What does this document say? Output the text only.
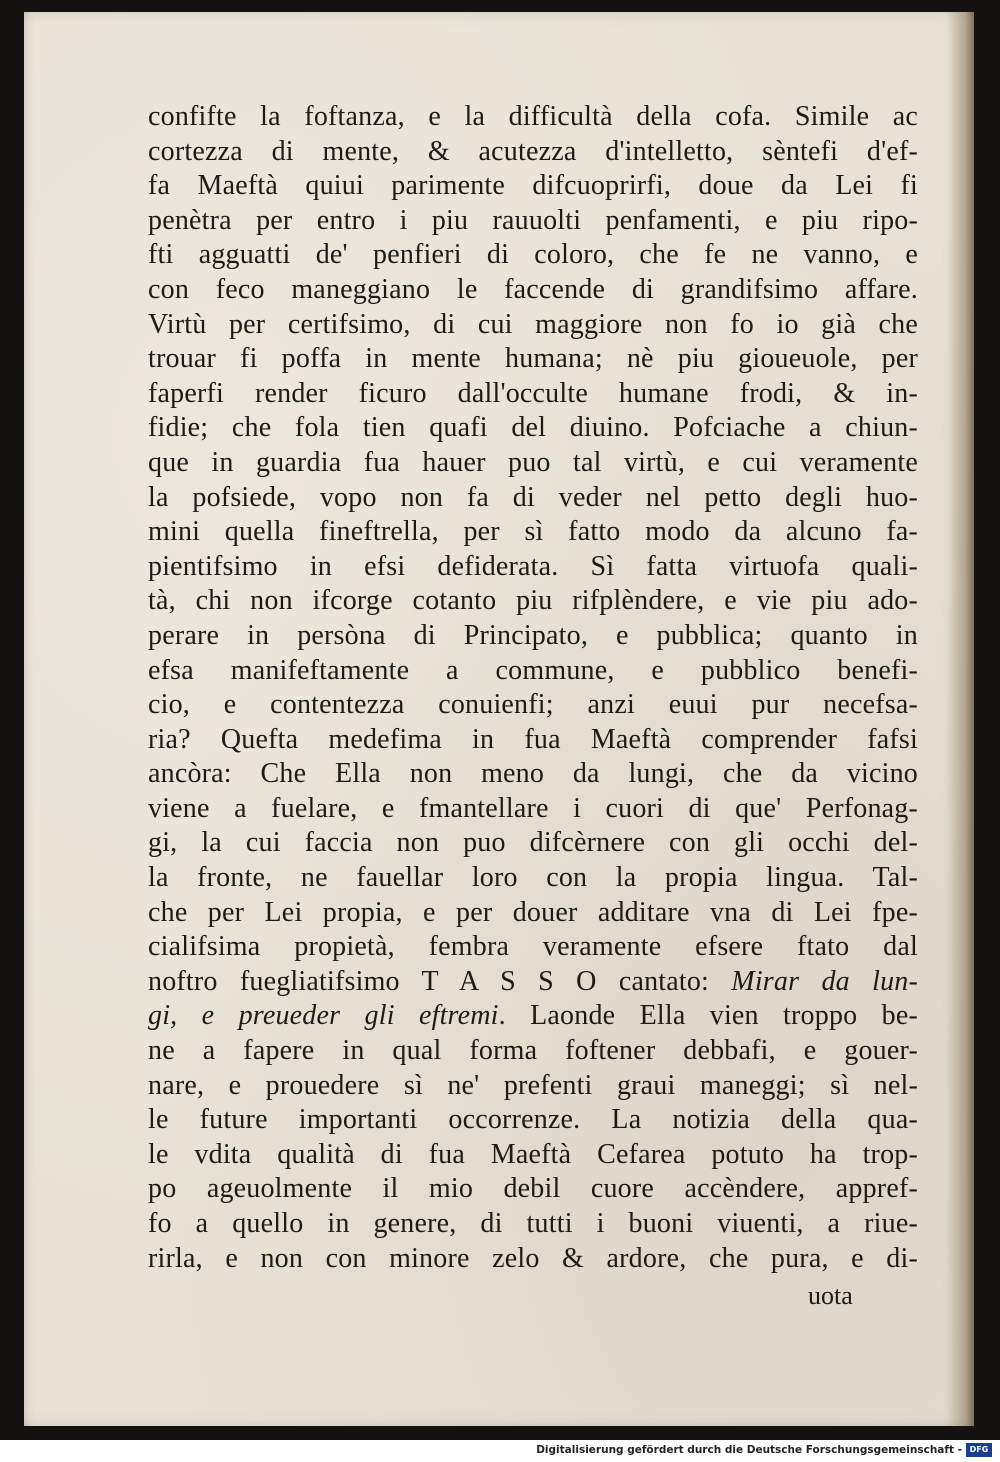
confifte la foftanza, e la difficultà della cofa. Simile ac
cortezza di mente, & acutezza d'intelletto, sèntefi d'ef-
fa Maeftà quiui parimente difcuoprirfi, doue da Lei fi
penètra per entro i piu rauuolti penfamenti, e piu ripo-
fti agguatti de' penfieri di coloro, che fe ne vanno, e
con feco maneggiano le faccende di grandifsimo affare.
Virtù per certifsimo, di cui maggiore non fo io già che
trouar fi poffa in mente humana; nè piu gioueuole, per
faperfi render ficuro dall'occulte humane frodi, & in-
fidie; che fola tien quafi del diuino. Pofciache a chiun-
que in guardia fua hauer puo tal virtù, e cui veramente
la pofsiede, vopo non fa di veder nel petto degli huo-
mini quella fineftrella, per sì fatto modo da alcuno fa-
pientifsimo in efsi defiderata. Sì fatta virtuofa quali-
tà, chi non ifcorge cotanto piu rifplèndere, e vie piu ado-
perare in persòna di Principato, e pubblica; quanto in
efsa manifeftamente a commune, e pubblico benefi-
cio, e contentezza conuienfi; anzi euui pur necefsa-
ria? Quefta medefima in fua Maeftà comprender fafsi
ancòra: Che Ella non meno da lungi, che da vicino
viene a fuelare, e fmantellare i cuori di que' Perfonag-
gi, la cui faccia non puo difcèrnere con gli occhi del-
la fronte, ne fauellar loro con la propia lingua. Tal-
che per Lei propia, e per douer additare vna di Lei fpe-
cialifsima propietà, fembra veramente efsere ftato dal
noftro fuegliatifsimo T A S S O cantato: Mirar da lun-
gi, e preueder gli eftremi. Laonde Ella vien troppo be-
ne a fapere in qual forma foftener debbafi, e gouer-
nare, e prouedere sì ne' prefenti graui maneggi; sì nel-
le future importanti occorrenze. La notizia della qua-
le vdita qualità di fua Maeftà Cefarea potuto ha trop-
po ageuolmente il mio debil cuore accèndere, appref-
fo a quello in genere, di tutti i buoni viuenti, a riue-
rirla, e non con minore zelo & ardore, che pura, e di-
uota
Digitalisierung gefördert durch die Deutsche Forschungsgemeinschaft - DFG
